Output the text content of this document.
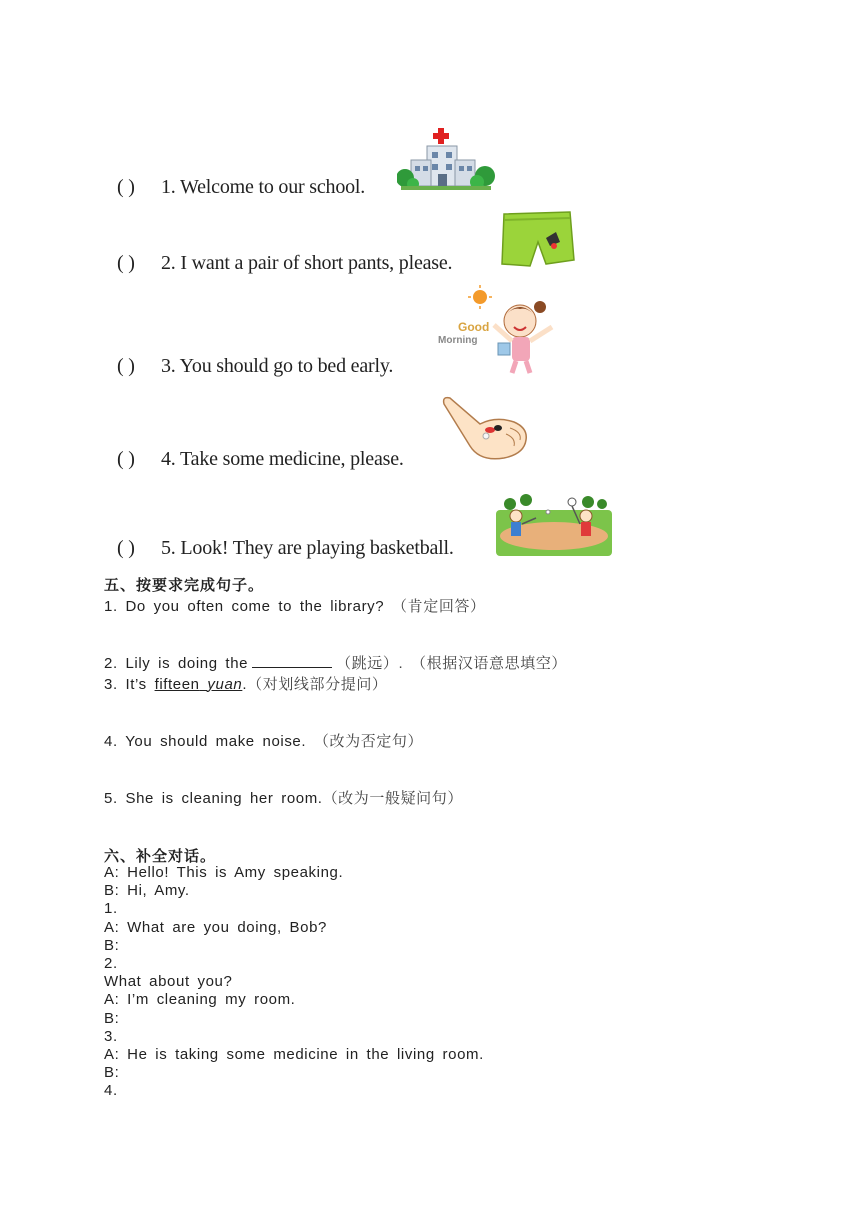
( ) 1. Welcome to our school.
( ) 2. I want a pair of short pants, please.
( ) 3. You should go to bed early.
( ) 4. Take some medicine, please.
( ) 5. Look! They are playing basketball.
Good
Morning
五、按要求完成句子。
1. Do you often come to the library? （肯定回答）
2. Lily is doing the	（跳远）. （根据汉语意思填空）
3. It’s fifteen yuan.（对划线部分提问）
4. You should make noise. （改为否定句）
5. She is cleaning her room.（改为一般疑问句）
六、补全对话。
A: Hello! This is Amy speaking.
B: Hi, Amy.
1.
A: What are you doing, Bob?
B:
2.
What about you?
A: I’m cleaning my room.
B:
3.
A: He is taking some medicine in the living room.
B:
4.
